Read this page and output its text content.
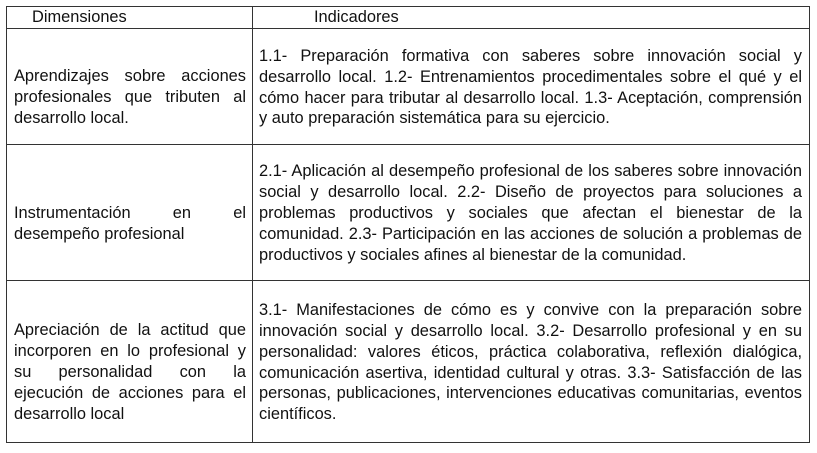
Dimensiones	Indicadores
Aprendizajes sobre acciones profesionales que tributen al desarrollo local.	1.1- Preparación formativa con saberes sobre innovación social y desarrollo local. 1.2- Entrenamientos procedimentales sobre el qué y el cómo hacer para tributar al desarrollo local. 1.3- Aceptación, comprensión y auto preparación sistemática para su ejercicio.
Instrumentación en el desempeño profesional	2.1- Aplicación al desempeño profesional de los saberes sobre innovación social y desarrollo local. 2.2- Diseño de proyectos para soluciones a problemas productivos y sociales que afectan el bienestar de la comunidad. 2.3- Participación en las acciones de solución a problemas de productivos y sociales afines al bienestar de la comunidad.
Apreciación de la actitud que incorporen en lo profesional y su personalidad con la ejecución de acciones para el desarrollo local	3.1- Manifestaciones de cómo es y convive con la preparación sobre innovación social y desarrollo local. 3.2- Desarrollo profesional y en su personalidad: valores éticos, práctica colaborativa, reflexión dialógica, comunicación asertiva, identidad cultural y otras. 3.3- Satisfacción de las personas, publicaciones, intervenciones educativas comunitarias, eventos científicos.
